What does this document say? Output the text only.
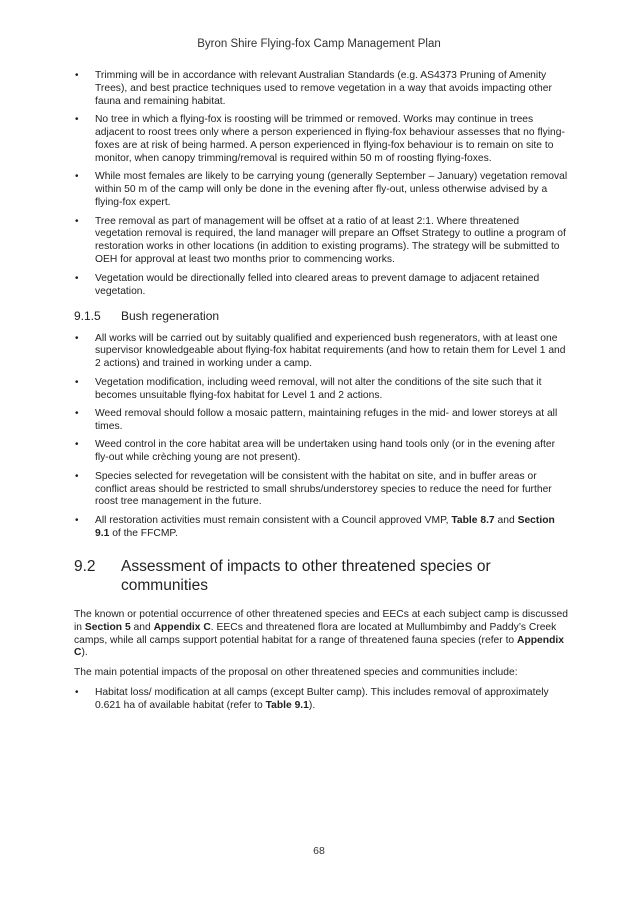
Byron Shire Flying-fox Camp Management Plan
• Trimming will be in accordance with relevant Australian Standards (e.g. AS4373 Pruning of Amenity Trees), and best practice techniques used to remove vegetation in a way that avoids impacting other fauna and remaining habitat.
• No tree in which a flying-fox is roosting will be trimmed or removed. Works may continue in trees adjacent to roost trees only where a person experienced in flying-fox behaviour assesses that no flying-foxes are at risk of being harmed. A person experienced in flying-fox behaviour is to remain on site to monitor, when canopy trimming/removal is required within 50 m of roosting flying-foxes.
• While most females are likely to be carrying young (generally September – January) vegetation removal within 50 m of the camp will only be done in the evening after fly-out, unless otherwise advised by a flying-fox expert.
• Tree removal as part of management will be offset at a ratio of at least 2:1. Where threatened vegetation removal is required, the land manager will prepare an Offset Strategy to outline a program of restoration works in other locations (in addition to existing programs). The strategy will be submitted to OEH for approval at least two months prior to commencing works.
• Vegetation would be directionally felled into cleared areas to prevent damage to adjacent retained vegetation.
9.1.5	Bush regeneration
• All works will be carried out by suitably qualified and experienced bush regenerators, with at least one supervisor knowledgeable about flying-fox habitat requirements (and how to retain them for Level 1 and 2 actions) and trained in working under a camp.
• Vegetation modification, including weed removal, will not alter the conditions of the site such that it becomes unsuitable flying-fox habitat for Level 1 and 2 actions.
• Weed removal should follow a mosaic pattern, maintaining refuges in the mid- and lower storeys at all times.
• Weed control in the core habitat area will be undertaken using hand tools only (or in the evening after fly-out while crèching young are not present).
• Species selected for revegetation will be consistent with the habitat on site, and in buffer areas or conflict areas should be restricted to small shrubs/understorey species to reduce the need for further roost tree management in the future.
• All restoration activities must remain consistent with a Council approved VMP, Table 8.7 and Section 9.1 of the FFCMP.
9.2	Assessment of impacts to other threatened species or communities

The known or potential occurrence of other threatened species and EECs at each subject camp is discussed in Section 5 and Appendix C. EECs and threatened flora are located at Mullumbimby and Paddy’s Creek camps, while all camps support potential habitat for a range of threatened fauna species (refer to Appendix C).

The main potential impacts of the proposal on other threatened species and communities include:

• Habitat loss/ modification at all camps (except Bulter camp). This includes removal of approximately 0.621 ha of available habitat (refer to Table 9.1).
68
